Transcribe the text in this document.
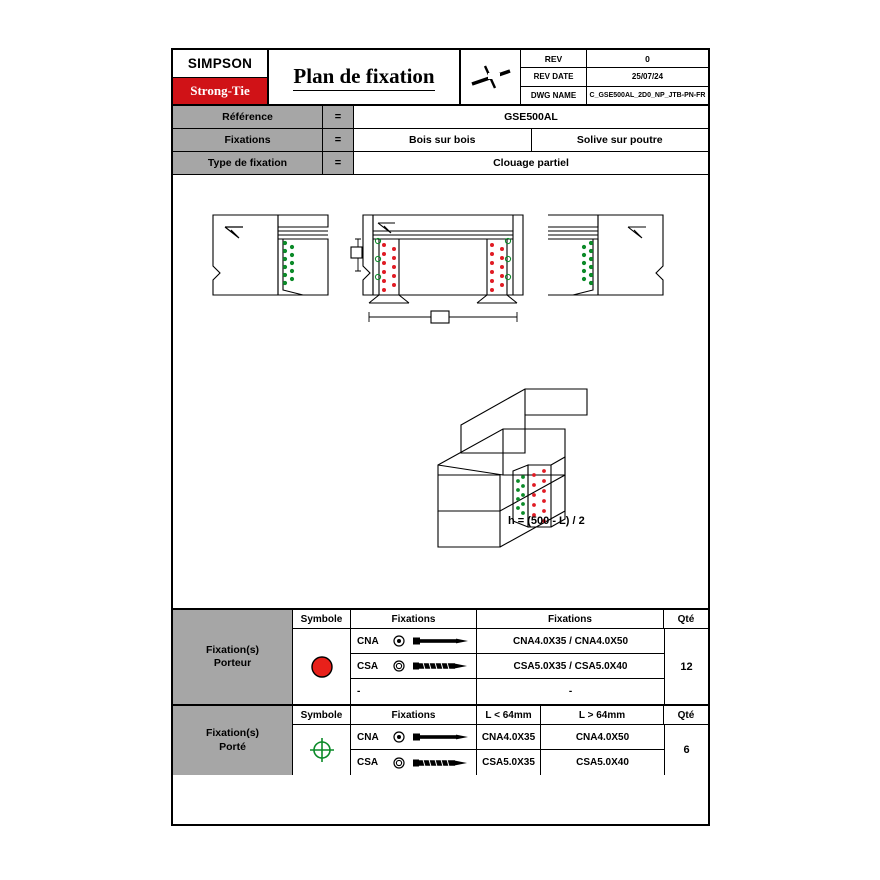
SIMPSON
Strong-Tie
Plan de fixation
REV	0
REV DATE	25/07/24
DWG NAME	C_GSE500AL_2D0_NP_JTB-PN-FR
Référence	=	GSE500AL
Fixations	=	Bois sur bois	Solive sur poutre
Type de fixation	=	Clouage partiel
h = (500 - L) / 2
Fixation(s)
Porteur
Symbole	Fixations	Fixations	Qté
CNA	CNA4.0X35 / CNA4.0X50
CSA	CSA5.0X35 / CSA5.0X40
-	-
12
Fixation(s)
Porté
Symbole	Fixations	L < 64mm	L > 64mm	Qté
CNA	CNA4.0X35	CNA4.0X50
CSA	CSA5.0X35	CSA5.0X40
6
